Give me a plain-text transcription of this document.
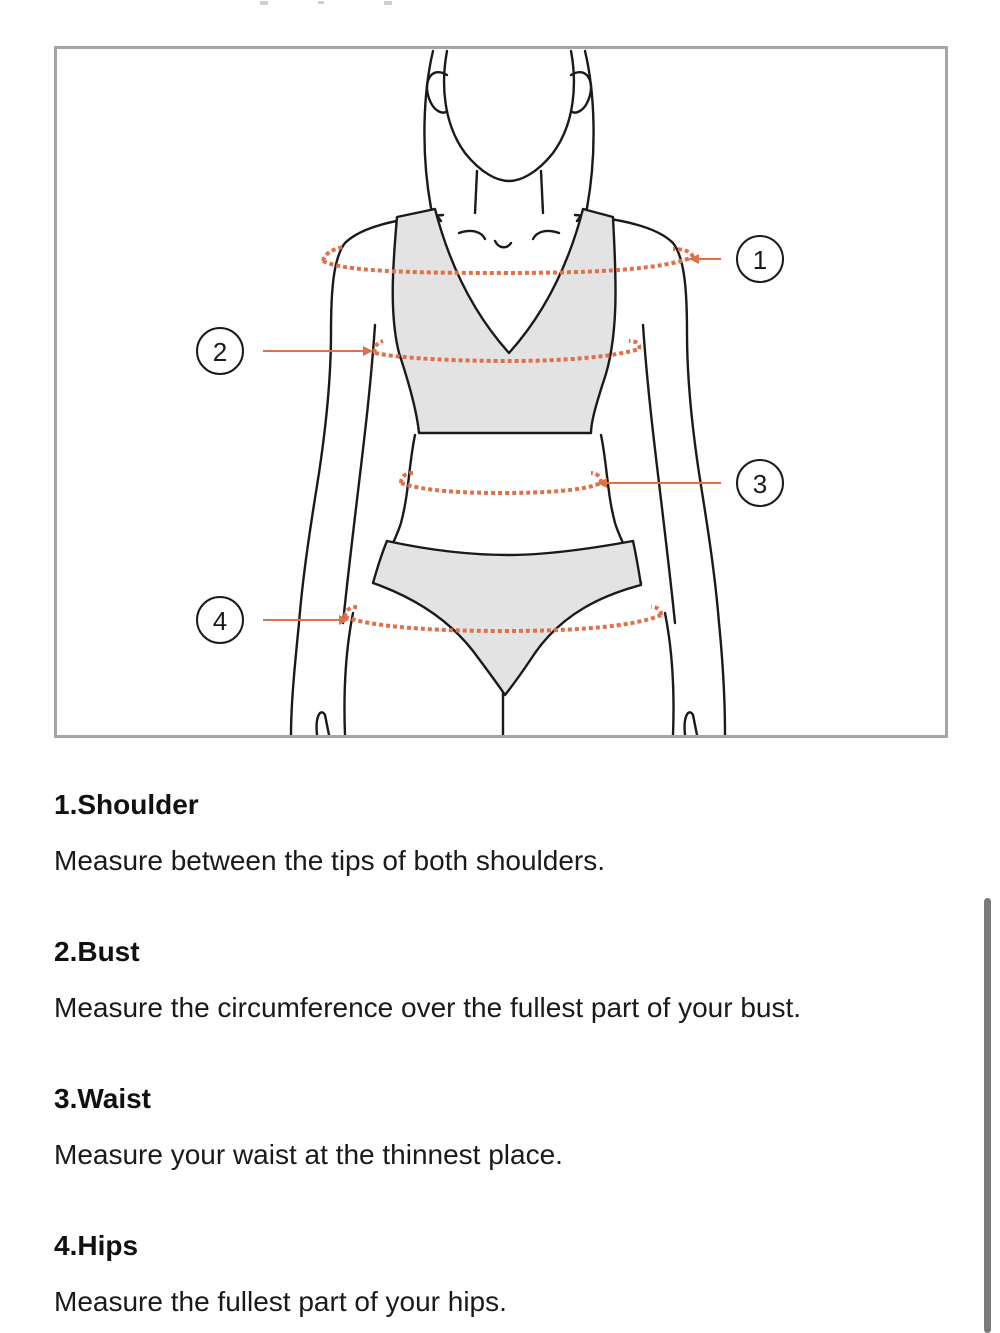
1
2
3
4

1.Shoulder

Measure between the tips of both shoulders.

2.Bust

Measure the circumference over the fullest part of your bust.

3.Waist

Measure your waist at the thinnest place.

4.Hips

Measure the fullest part of your hips.
